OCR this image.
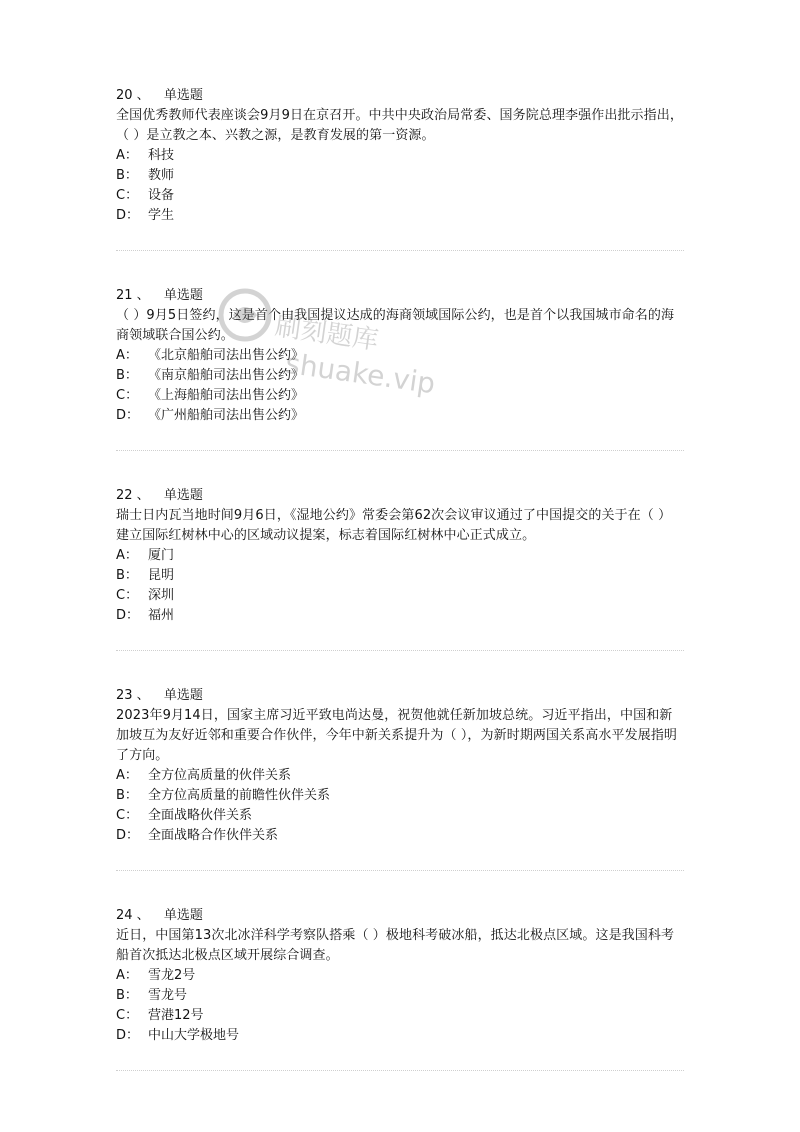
20 、 单选题
全国优秀教师代表座谈会9月9日在京召开。中共中央政治局常委、国务院总理李强作出批示指出，（ ）是立教之本、兴教之源，是教育发展的第一资源。
A： 科技
B： 教师
C： 设备
D： 学生
21 、 单选题
（ ）9月5日签约，这是首个由我国提议达成的海商领域国际公约，也是首个以我国城市命名的海商领域联合国公约。
A： 《北京船舶司法出售公约》
B： 《南京船舶司法出售公约》
C： 《上海船舶司法出售公约》
D： 《广州船舶司法出售公约》
22 、 单选题
瑞士日内瓦当地时间9月6日，《湿地公约》常委会第62次会议审议通过了中国提交的关于在（ ）建立国际红树林中心的区域动议提案，标志着国际红树林中心正式成立。
A： 厦门
B： 昆明
C： 深圳
D： 福州
23 、 单选题
2023年9月14日，国家主席习近平致电尚达曼，祝贺他就任新加坡总统。习近平指出，中国和新加坡互为友好近邻和重要合作伙伴，今年中新关系提升为（ ），为新时期两国关系高水平发展指明了方向。
A： 全方位高质量的伙伴关系
B： 全方位高质量的前瞻性伙伴关系
C： 全面战略伙伴关系
D： 全面战略合作伙伴关系
24 、 单选题
近日，中国第13次北冰洋科学考察队搭乘（ ）极地科考破冰船，抵达北极点区域。这是我国科考船首次抵达北极点区域开展综合调查。
A： 雪龙2号
B： 雪龙号
C： 营港12号
D： 中山大学极地号
刷刻题库
shuake.vip
